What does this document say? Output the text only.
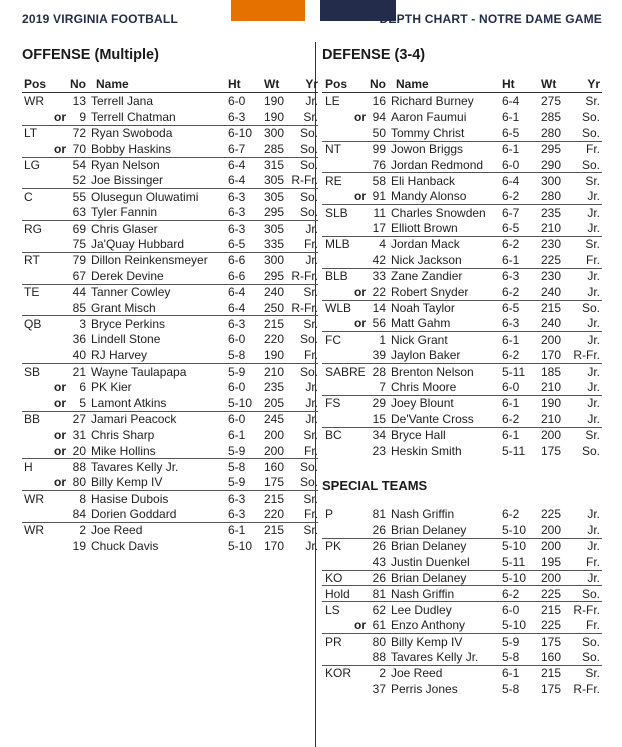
2019 VIRGINIA FOOTBALL	DEPTH CHART - NOTRE DAME GAME
OFFENSE (Multiple)	DEFENSE (3-4)
Pos	No Name	Ht	Wt	Yr
WR	13 Terrell Jana	6-0	190	Jr.
or	9 Terrell Chatman	6-3	190	Sr.
LT	72 Ryan Swoboda	6-10 300	So.
or 70 Bobby Haskins	6-7	285	So.
LG	54 Ryan Nelson	6-4	315	So.
52 Joe Bissinger	6-4	305 R-Fr.
C	55 Olusegun Oluwatimi	6-3	305	So.
63 Tyler Fannin	6-3	295	So.
RG	69 Chris Glaser	6-3	305	Jr.
75 Ja'Quay Hubbard	6-5	335	Fr.
RT	79 Dillon Reinkensmeyer	6-6	300	Jr.
67 Derek Devine	6-6	295 R-Fr.
TE	44 Tanner Cowley	6-4	240	Sr.
85 Grant Misch	6-4	250 R-Fr.
QB	3 Bryce Perkins	6-3	215	Sr.
36 Lindell Stone	6-0	220	So.
40 RJ Harvey	5-8	190	Fr.
SB	21 Wayne Taulapapa	5-9	210	So.
or	6 PK Kier	6-0	235	Jr.
or	5 Lamont Atkins	5-10 205	Jr.
BB	27 Jamari Peacock	6-0	245	Jr.
or 31 Chris Sharp	6-1	200	Sr.
or 20 Mike Hollins	5-9	200	Fr.
H	88 Tavares Kelly Jr.	5-8	160	So.
or 80 Billy Kemp IV	5-9	175	So.
WR	8 Hasise Dubois	6-3	215	Sr.
84 Dorien Goddard	6-3	220	Fr.
WR	2 Joe Reed	6-1	215	Sr.
19 Chuck Davis	5-10 170	Jr.
Pos	No Name	Ht	Wt	Yr
LE	16 Richard Burney	6-4	275	Sr.
or 94 Aaron Faumui	6-1	285	So.
50 Tommy Christ	6-5	280	So.
NT	99 Jowon Briggs	6-1	295	Fr.
76 Jordan Redmond	6-0	290	So.
RE	58 Eli Hanback	6-4	300	Sr.
or 91 Mandy Alonso	6-2	280	Jr.
SLB	11 Charles Snowden	6-7	235	Jr.
17 Elliott Brown	6-5	210	Jr.
MLB	4 Jordan Mack	6-2	230	Sr.
42 Nick Jackson	6-1	225	Fr.
BLB	33 Zane Zandier	6-3	230	Jr.
or 22 Robert Snyder	6-2	240	Jr.
WLB	14 Noah Taylor	6-5	215	So.
or 56 Matt Gahm	6-3	240	Jr.
FC	1 Nick Grant	6-1	200	Jr.
39 Jaylon Baker	6-2	170	R-Fr.
SABRE 28 Brenton Nelson	5-11	185	Jr.
7 Chris Moore	6-0	210	Jr.
FS	29 Joey Blount	6-1	190	Jr.
15 De'Vante Cross	6-2	210	Jr.
BC	34 Bryce Hall	6-1	200	Sr.
23 Heskin Smith	5-11	175	So.
SPECIAL TEAMS
P	81 Nash Griffin	6-2	225	Jr.
26 Brian Delaney	5-10	200	Jr.
PK	26 Brian Delaney	5-10	200	Jr.
43 Justin Duenkel	5-11	195	Fr.
KO	26 Brian Delaney	5-10	200	Jr.
Hold	81 Nash Griffin	6-2	225	So.
LS	62 Lee Dudley	6-0	215	R-Fr.
or 61 Enzo Anthony	5-10	225	Fr.
PR	80 Billy Kemp IV	5-9	175	So.
88 Tavares Kelly Jr.	5-8	160	So.
KOR	2 Joe Reed	6-1	215	Sr.
37 Perris Jones	5-8	175	R-Fr.
